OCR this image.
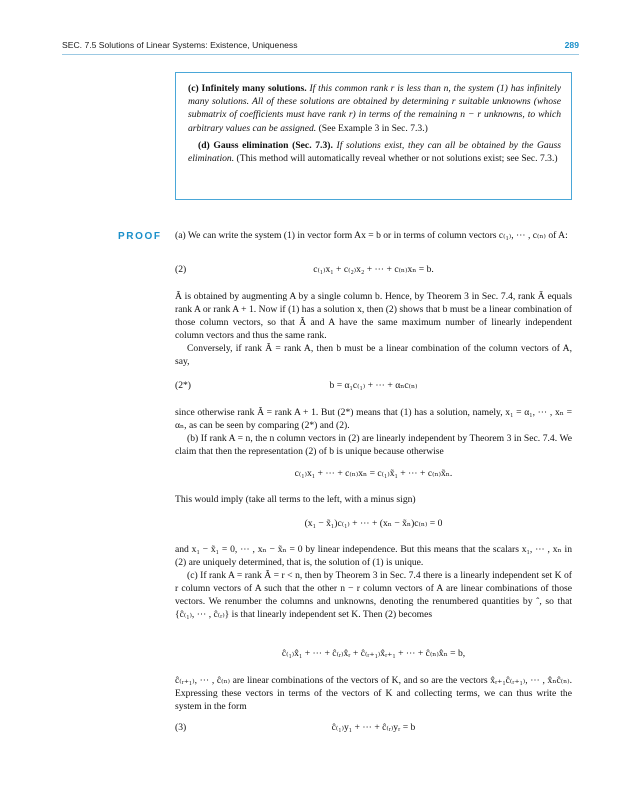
SEC. 7.5 Solutions of Linear Systems: Existence, Uniqueness	289

(c) Infinitely many solutions. If this common rank r is less than n, the system (1) has infinitely many solutions. All of these solutions are obtained by determining r suitable unknowns (whose submatrix of coefficients must have rank r) in terms of the remaining n − r unknowns, to which arbitrary values can be assigned. (See Example 3 in Sec. 7.3.)

(d) Gauss elimination (Sec. 7.3). If solutions exist, they can all be obtained by the Gauss elimination. (This method will automatically reveal whether or not solutions exist; see Sec. 7.3.)

PROOF (a) We can write the system (1) in vector form Ax = b or in terms of column vectors c₍₁₎, ⋯ , c₍ₙ₎ of A:

(2)	c₍₁₎x₁ + c₍₂₎x₂ + ⋯ + c₍ₙ₎xₙ = b.

Ã is obtained by augmenting A by a single column b. Hence, by Theorem 3 in Sec. 7.4, rank Ã equals rank A or rank A + 1. Now if (1) has a solution x, then (2) shows that b must be a linear combination of those column vectors, so that Ã and A have the same maximum number of linearly independent column vectors and thus the same rank.

Conversely, if rank Ã = rank A, then b must be a linear combination of the column vectors of A, say,

(2*)	b = α₁c₍₁₎ + ⋯ + αₙc₍ₙ₎

since otherwise rank Ã = rank A + 1. But (2*) means that (1) has a solution, namely, x₁ = α₁, ⋯ , xₙ = αₙ, as can be seen by comparing (2*) and (2).

(b) If rank A = n, the n column vectors in (2) are linearly independent by Theorem 3 in Sec. 7.4. We claim that then the representation (2) of b is unique because otherwise

c₍₁₎x₁ + ⋯ + c₍ₙ₎xₙ = c₍₁₎x̃₁ + ⋯ + c₍ₙ₎x̃ₙ.

This would imply (take all terms to the left, with a minus sign)

(x₁ − x̃₁)c₍₁₎ + ⋯ + (xₙ − x̃ₙ)c₍ₙ₎ = 0

and x₁ − x̃₁ = 0, ⋯ , xₙ − x̃ₙ = 0 by linear independence. But this means that the scalars x₁, ⋯ , xₙ in (2) are uniquely determined, that is, the solution of (1) is unique.

(c) If rank A = rank Ã = r < n, then by Theorem 3 in Sec. 7.4 there is a linearly independent set K of r column vectors of A such that the other n − r column vectors of A are linear combinations of those vectors. We renumber the columns and unknowns, denoting the renumbered quantities by ˆ, so that {ĉ₍₁₎, ⋯ , ĉ₍ᵣ₎} is that linearly independent set K. Then (2) becomes

ĉ₍₁₎x̂₁ + ⋯ + ĉ₍ᵣ₎x̂ᵣ + ĉ₍ᵣ₊₁₎x̂ᵣ₊₁ + ⋯ + ĉ₍ₙ₎x̂ₙ = b,

ĉ₍ᵣ₊₁₎, ⋯ , ĉ₍ₙ₎ are linear combinations of the vectors of K, and so are the vectors x̂ᵣ₊₁ĉ₍ᵣ₊₁₎, ⋯ , x̂ₙĉ₍ₙ₎. Expressing these vectors in terms of the vectors of K and collecting terms, we can thus write the system in the form

(3)	ĉ₍₁₎y₁ + ⋯ + ĉ₍ᵣ₎yᵣ = b
